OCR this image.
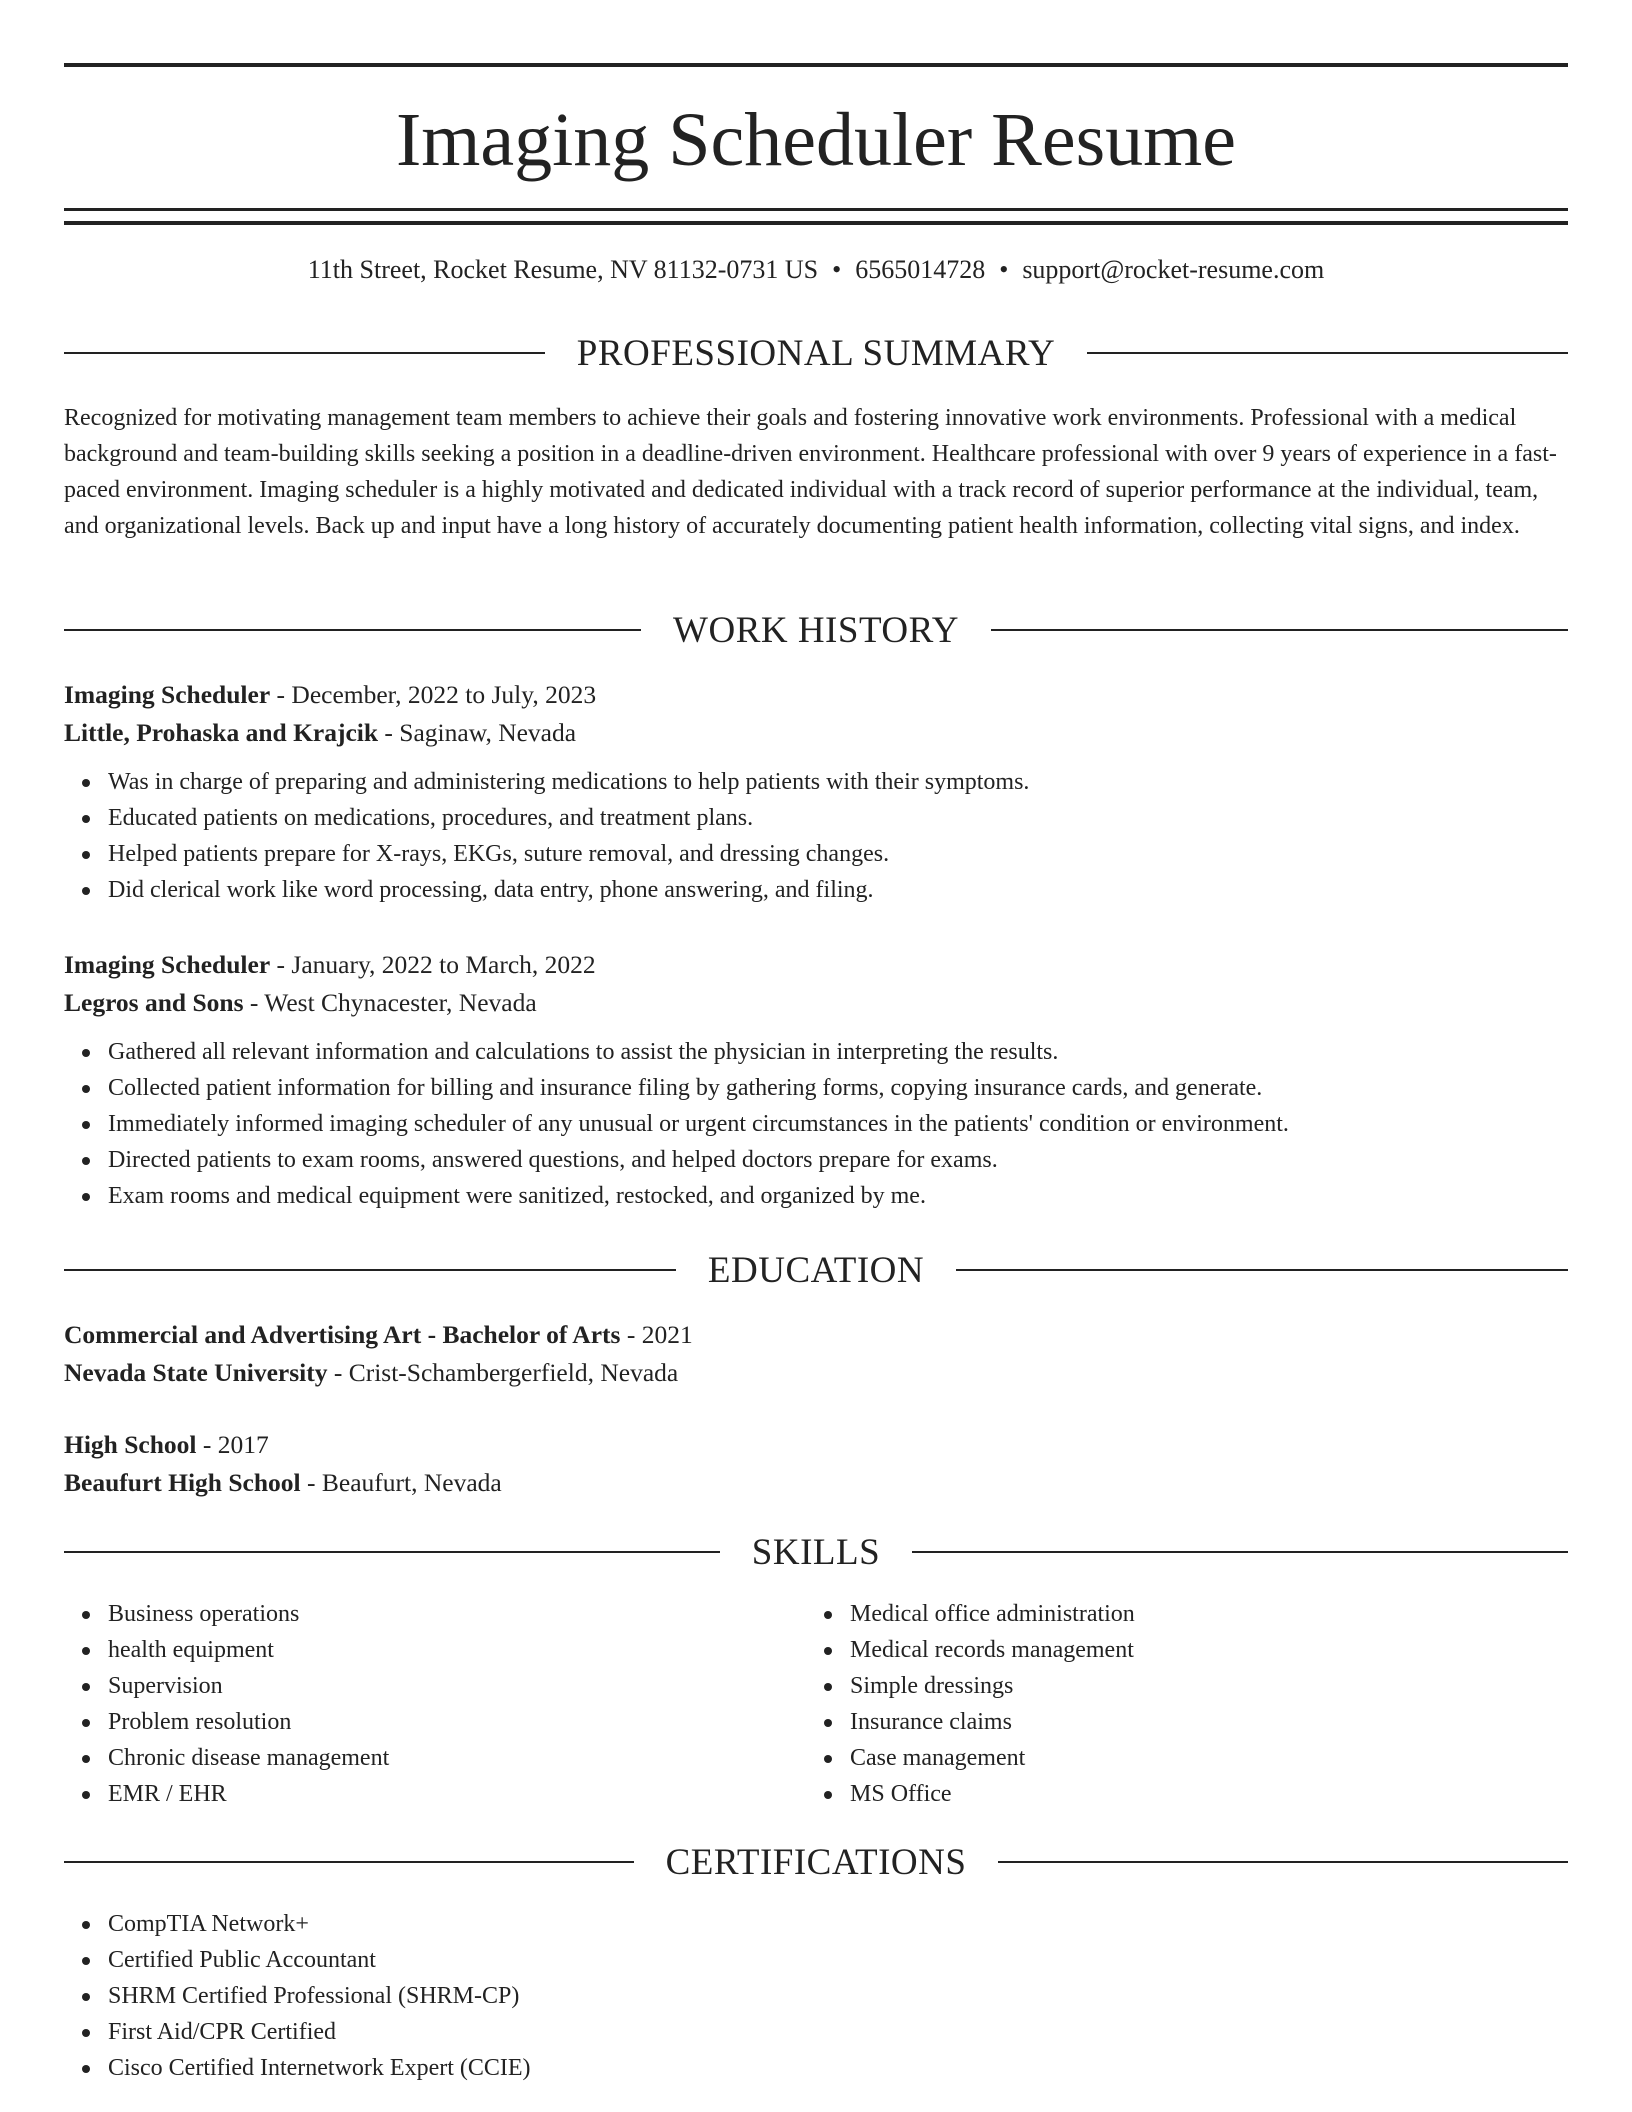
Imaging Scheduler Resume
11th Street, Rocket Resume, NV 81132-0731 US • 6565014728 • support@rocket-resume.com
PROFESSIONAL SUMMARY

Recognized for motivating management team members to achieve their goals and fostering innovative work environments. Professional with a medical background and team-building skills seeking a position in a deadline-driven environment. Healthcare professional with over 9 years of experience in a fast-paced environment. Imaging scheduler is a highly motivated and dedicated individual with a track record of superior performance at the individual, team, and organizational levels. Back up and input have a long history of accurately documenting patient health information, collecting vital signs, and index.

WORK HISTORY
Imaging Scheduler - December, 2022 to July, 2023
Little, Prohaska and Krajcik - Saginaw, Nevada
Was in charge of preparing and administering medications to help patients with their symptoms.
Educated patients on medications, procedures, and treatment plans.
Helped patients prepare for X-rays, EKGs, suture removal, and dressing changes.
Did clerical work like word processing, data entry, phone answering, and filing.
Imaging Scheduler - January, 2022 to March, 2022
Legros and Sons - West Chynacester, Nevada
Gathered all relevant information and calculations to assist the physician in interpreting the results.
Collected patient information for billing and insurance filing by gathering forms, copying insurance cards, and generate.
Immediately informed imaging scheduler of any unusual or urgent circumstances in the patients' condition or environment.
Directed patients to exam rooms, answered questions, and helped doctors prepare for exams.
Exam rooms and medical equipment were sanitized, restocked, and organized by me.
EDUCATION
Commercial and Advertising Art - Bachelor of Arts - 2021
Nevada State University - Crist-Schambergerfield, Nevada
High School - 2017
Beaufurt High School - Beaufurt, Nevada
SKILLS
Business operations
health equipment
Supervision
Problem resolution
Chronic disease management
EMR / EHR
Medical office administration
Medical records management
Simple dressings
Insurance claims
Case management
MS Office
CERTIFICATIONS
CompTIA Network+
Certified Public Accountant
SHRM Certified Professional (SHRM-CP)
First Aid/CPR Certified
Cisco Certified Internetwork Expert (CCIE)
